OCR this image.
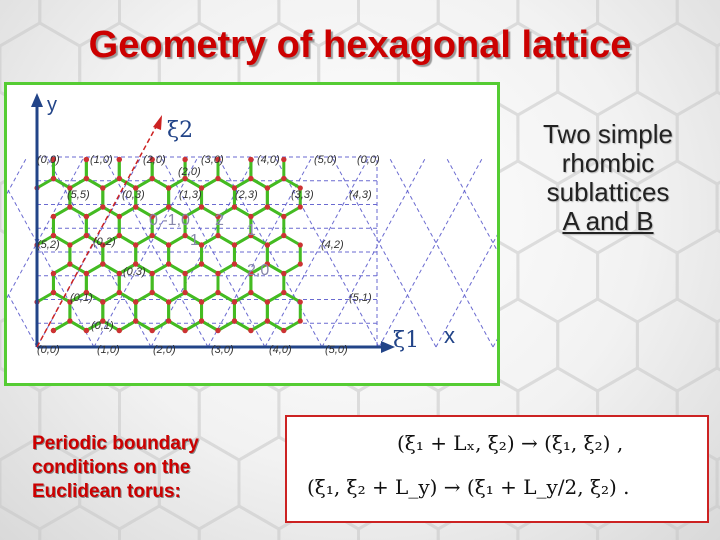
Geometry of hexagonal lattice
y
x
ξ2
ξ1
(0,0)	(1,0)	(2,0)	(3,0)	(4,0)	(5,0) (0,0)
(2,0)
(5,5)	(0,3)	(1,3)	(2,3)	(3,3)	(4,3)
(5,2)	(0,2)	(4,2)
(0,3)
(0,1)	(5,1)
(0,1)
(0,0)	(1,0)	(2,0)	(3,0)	(4,0)	(5,0)
0,-1,0 2
1
1
2,0
Two simple
rhombic
sublattices
A and B
Periodic boundary
conditions on the
Euclidean torus:
(ξ₁ + Lₓ, ξ₂) → (ξ₁, ξ₂) ,
(ξ₁, ξ₂ + L_y) → (ξ₁ + L_y/2, ξ₂) .
